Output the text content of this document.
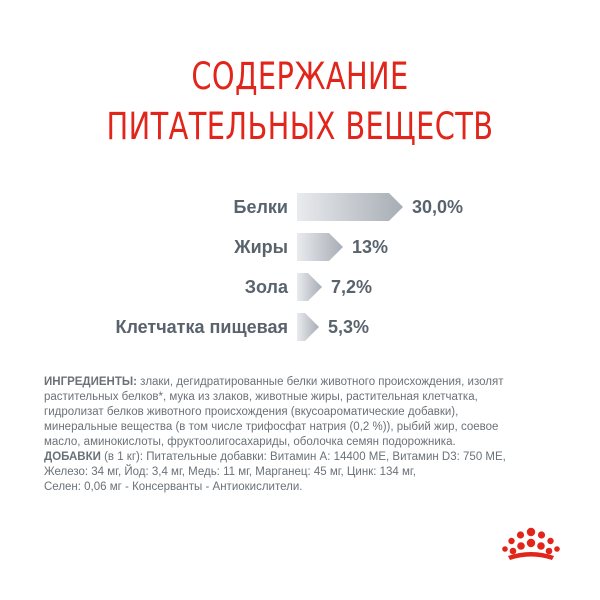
СОДЕРЖАНИЕ
ПИТАТЕЛЬНЫХ ВЕЩЕСТВ
Белки	30,0%
Жиры	13%
Зола 7,2%
Клетчатка пищевая 5,3%
ИНГРЕДИЕНТЫ: злаки, дегидратированные белки животного происхождения, изолят
растительных белков*, мука из злаков, животные жиры, растительная клетчатка,
гидролизат белков животного происхождения (вкусоароматические добавки),
минеральные вещества (в том числе трифосфат натрия (0,2 %)), рыбий жир, соевое
масло, аминокислоты, фруктоолигосахариды, оболочка семян подорожника.
ДОБАВКИ (в 1 кг): Питательные добавки: Витамин А: 14400 МЕ, Витамин D3: 750 МЕ,
Железо: 34 мг, Йод: 3,4 мг, Медь: 11 мг, Марганец: 45 мг, Цинк: 134 мг,
Селен: 0,06 мг - Консерванты - Антиокислители.
